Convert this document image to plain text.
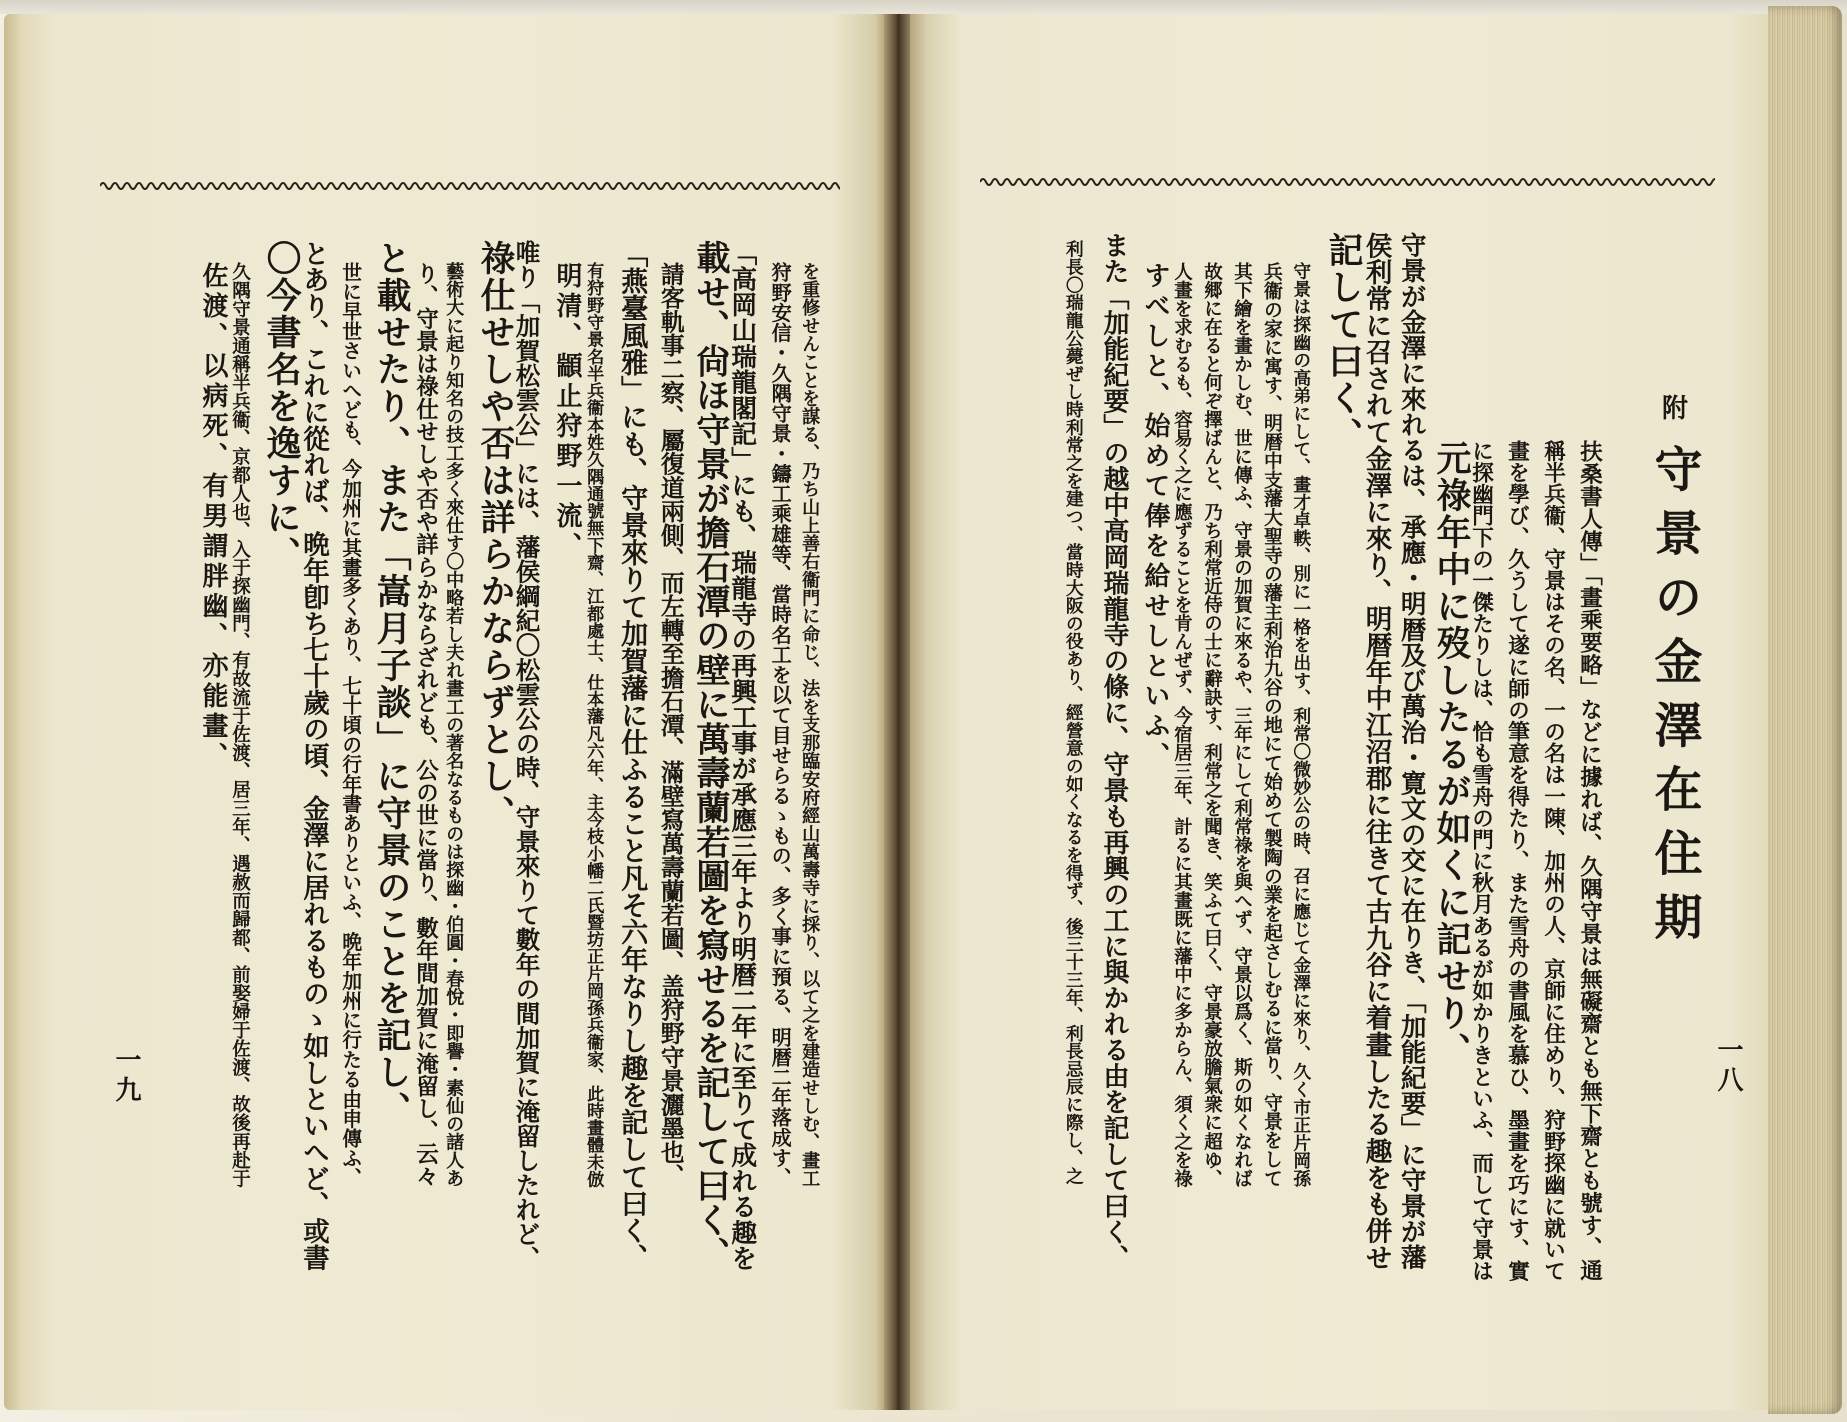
附
守景の金澤在住期
扶桑書人傳」「畫乘要略」などに據れば、久隅守景は無礙齋とも無下齋とも號す、通
稱半兵衞、守景はその名、一の名は一陳、加州の人、京師に住めり、狩野探幽に就いて
畫を學び、久うして遂に師の筆意を得たり、また雪舟の書風を慕ひ、墨畫を巧にす、實
に探幽門下の一傑たりしは、恰も雪舟の門に秋月あるが如かりきといふ、而して守景は
元祿年中に歿したるが如くに記せり、
守景が金澤に來れるは、承應・明暦及び萬治・寛文の交に在りき、「加能紀要」に守景が藩
侯利常に召されて金澤に來り、明暦年中江沼郡に往きて古九谷に着畫したる趣をも併せ
記して曰く、
守景は探幽の高弟にして、畫才卓軼、別に一格を出す、利常〇微妙公の時、召に應じて金澤に來り、久く市正片岡孫
兵衞の家に寓す、明暦中支藩大聖寺の藩主利治九谷の地にて始めて製陶の業を起さしむるに當り、守景をして
其下繪を畫かしむ、世に傳ふ、守景の加賀に來るや、三年にして利常祿を與へず、守景以爲く、斯の如くなれば
故郷に在ると何ぞ擇ばんと、乃ち利常近侍の士に辭訣す、利常之を聞き、笑ふて曰く、守景豪放膽氣衆に超ゆ、
人畫を求むるも、容易く之に應ずることを肯んぜず、今宿居三年、計るに其畫既に藩中に多からん、須く之を祿
すべしと、始めて俸を給せしといふ、
また「加能紀要」の越中高岡瑞龍寺の條に、守景も再興の工に與かれる由を記して曰く、
利長〇瑞龍公薨ぜし時利常之を建つ、當時大阪の役あり、經營意の如くなるを得ず、後三十三年、利長忌辰に際し、之	一八
を重修せんことを謀る、乃ち山上善右衞門に命じ、法を支那臨安府經山萬壽寺に採り、以て之を建造せしむ、畫工
狩野安信・久隅守景・鑄工乘雄等、當時名工を以て目せらるゝもの、多く事に預る、明暦二年落成す、
「高岡山瑞龍閣記」にも、瑞龍寺の再興工事が承應三年より明暦二年に至りて成れる趣を
載せ、尙ほ守景が擔石潭の壁に萬壽蘭若圖を寫せるを記して曰く、
請客軌事二察、屬復道兩側、而左轉至擔石潭、滿壁寫萬壽蘭若圖、盖狩野守景灑墨也、
「燕臺風雅」にも、守景來りて加賀藩に仕ふること凡そ六年なりし趣を記して曰く、
有狩野守景名半兵衞本姓久隅通號無下齋、江都處士、仕本藩凡六年、主今枝小幡二氏暨坊正片岡孫兵衞家、此時畫體未倣
明清、顓止狩野一流、
唯り「加賀松雲公」には、藩侯綱紀〇松雲公の時、守景來りて數年の間加賀に淹留したれど、
祿仕せしや否は詳らかならずとし、
藝術大に起り知名の技工多く來仕す〇中略若し夫れ畫工の著名なるものは探幽・伯圓・春悅・即譽・素仙の諸人あ
り、守景は祿仕せしや否や詳らかならざれども、公の世に當り、數年間加賀に淹留し、云々
と載せたり、また「嵩月子談」に守景のことを記し、
世に早世さいへども、今加州に其畫多くあり、七十頃の行年書ありといふ、晩年加州に行たる由申傳ふ、
とあり、これに從れば、晩年卽ち七十歲の頃、金澤に居れるものゝ如しといへど、或書
〇今書名を逸すに、
久隅守景通稱半兵衞、京都人也、入于探幽門、有故流于佐渡、居三年、遇赦而歸都、前娶婦于佐渡、故後再赴于
佐渡、以病死、有男謂胖幽、亦能畫、
一九
